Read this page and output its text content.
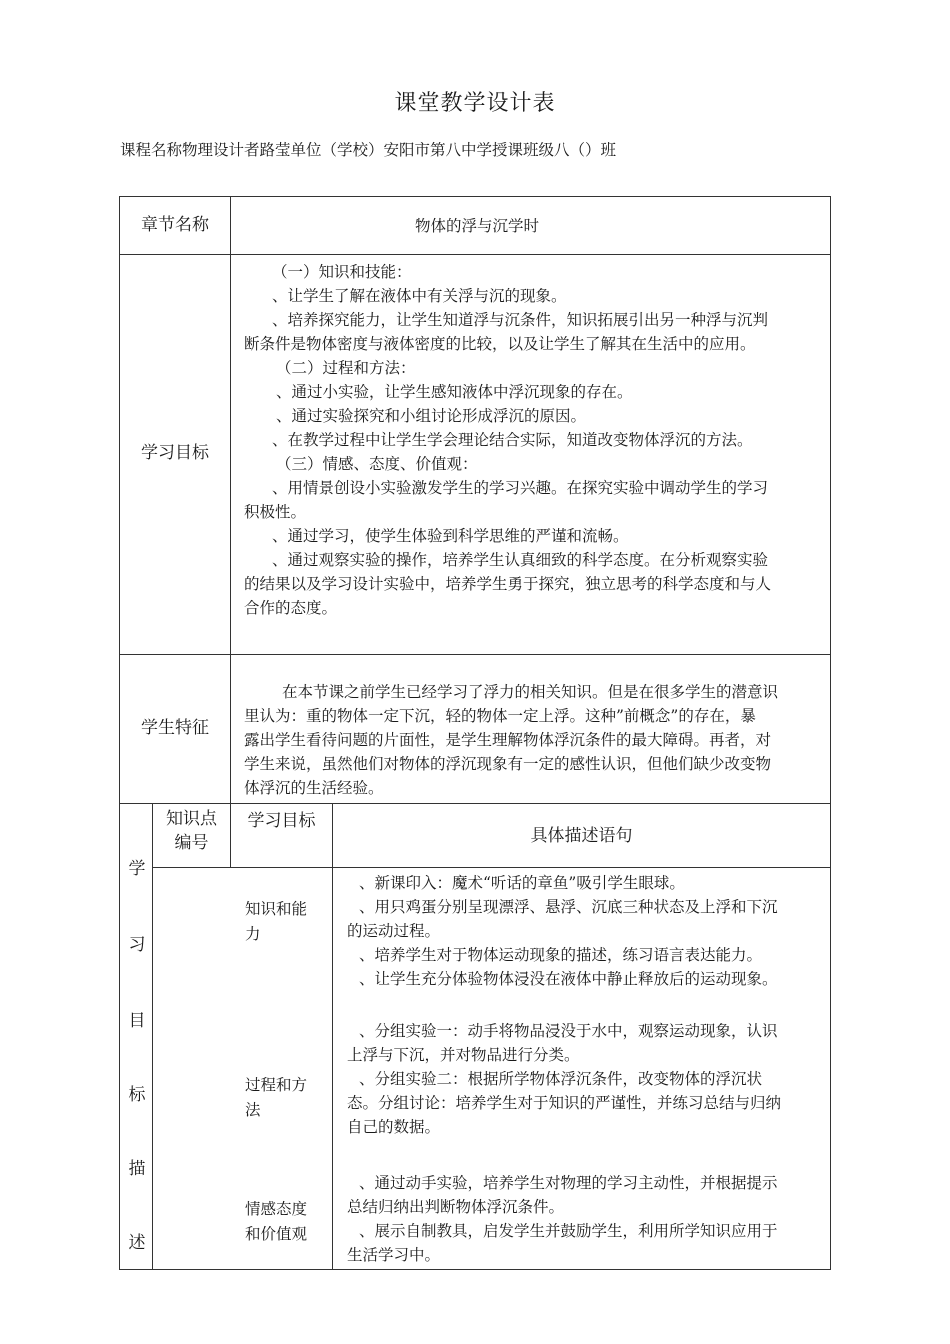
课堂教学设计表
课程名称物理设计者路莹单位（学校）安阳市第八中学授课班级八（）班
章节名称	物体的浮与沉学时
学习目标

（一）知识和技能：

、让学生了解在液体中有关浮与沉的现象。

、培养探究能力，让学生知道浮与沉条件，知识拓展引出另一种浮与沉判

断条件是物体密度与液体密度的比较，以及让学生了解其在生活中的应用。

（二）过程和方法：

、通过小实验，让学生感知液体中浮沉现象的存在。

、通过实验探究和小组讨论形成浮沉的原因。

、在教学过程中让学生学会理论结合实际，知道改变物体浮沉的方法。

（三）情感、态度、价值观：

、用情景创设小实验激发学生的学习兴趣。在探究实验中调动学生的学习

积极性。

、通过学习，使学生体验到科学思维的严谨和流畅。

、通过观察实验的操作，培养学生认真细致的科学态度。在分析观察实验

的结果以及学习设计实验中，培养学生勇于探究，独立思考的科学态度和与人

合作的态度。

学生特征

在本节课之前学生已经学习了浮力的相关知识。但是在很多学生的潜意识

里认为：重的物体一定下沉，轻的物体一定上浮。这种”前概念”的存在，暴

露出学生看待问题的片面性，是学生理解物体浮沉条件的最大障碍。再者，对

学生来说，虽然他们对物体的浮沉现象有一定的感性认识，但他们缺少改变物

体浮沉的生活经验。

学
习
目
标
描
述
知识点
编号
学习目标
具体描述语句
知识和能
力

、新课印入：魔术“听话的章鱼”吸引学生眼球。

、用只鸡蛋分别呈现漂浮、悬浮、沉底三种状态及上浮和下沉

的运动过程。

、培养学生对于物体运动现象的描述，练习语言表达能力。

、让学生充分体验物体浸没在液体中静止释放后的运动现象。

过程和方
法

、分组实验一：动手将物品浸没于水中，观察运动现象，认识

上浮与下沉，并对物品进行分类。

、分组实验二：根据所学物体浮沉条件，改变物体的浮沉状

态。分组讨论：培养学生对于知识的严谨性，并练习总结与归纳

自己的数据。

情感态度
和价值观

、通过动手实验，培养学生对物理的学习主动性，并根据提示

总结归纳出判断物体浮沉条件。

、展示自制教具，启发学生并鼓励学生，利用所学知识应用于

生活学习中。
